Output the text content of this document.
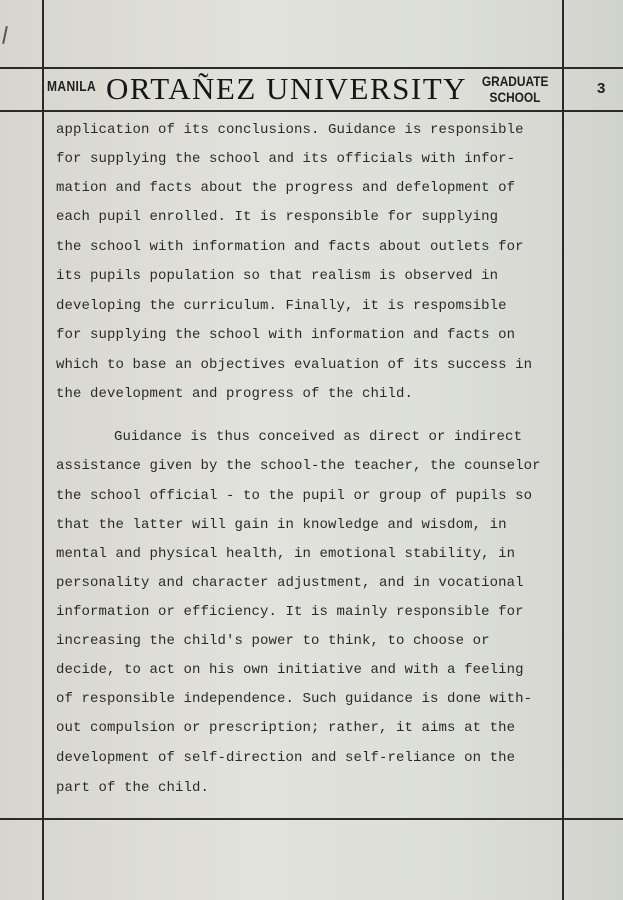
MANILA ORTAÑEZ UNIVERSITY GRADUATE
SCHOOL	3
application of its conclusions. Guidance is responsible
for supplying the school and its officials with infor-
mation and facts about the progress and defelopment of
each pupil enrolled. It is responsible for supplying
the school with information and facts about outlets for
its pupils population so that realism is observed in
developing the curriculum. Finally, it is respomsible
for supplying the school with information and facts on
which to base an objectives evaluation of its success in
the development and progress of the child.
Guidance is thus conceived as direct or indirect
assistance given by the school-the teacher, the counselor
the school official - to the pupil or group of pupils so
that the latter will gain in knowledge and wisdom, in
mental and physical health, in emotional stability, in
personality and character adjustment, and in vocational
information or efficiency. It is mainly responsible for
increasing the child's power to think, to choose or
decide, to act on his own initiative and with a feeling
of responsible independence. Such guidance is done with-
out compulsion or prescription; rather, it aims at the
development of self-direction and self-reliance on the
part of the child.
